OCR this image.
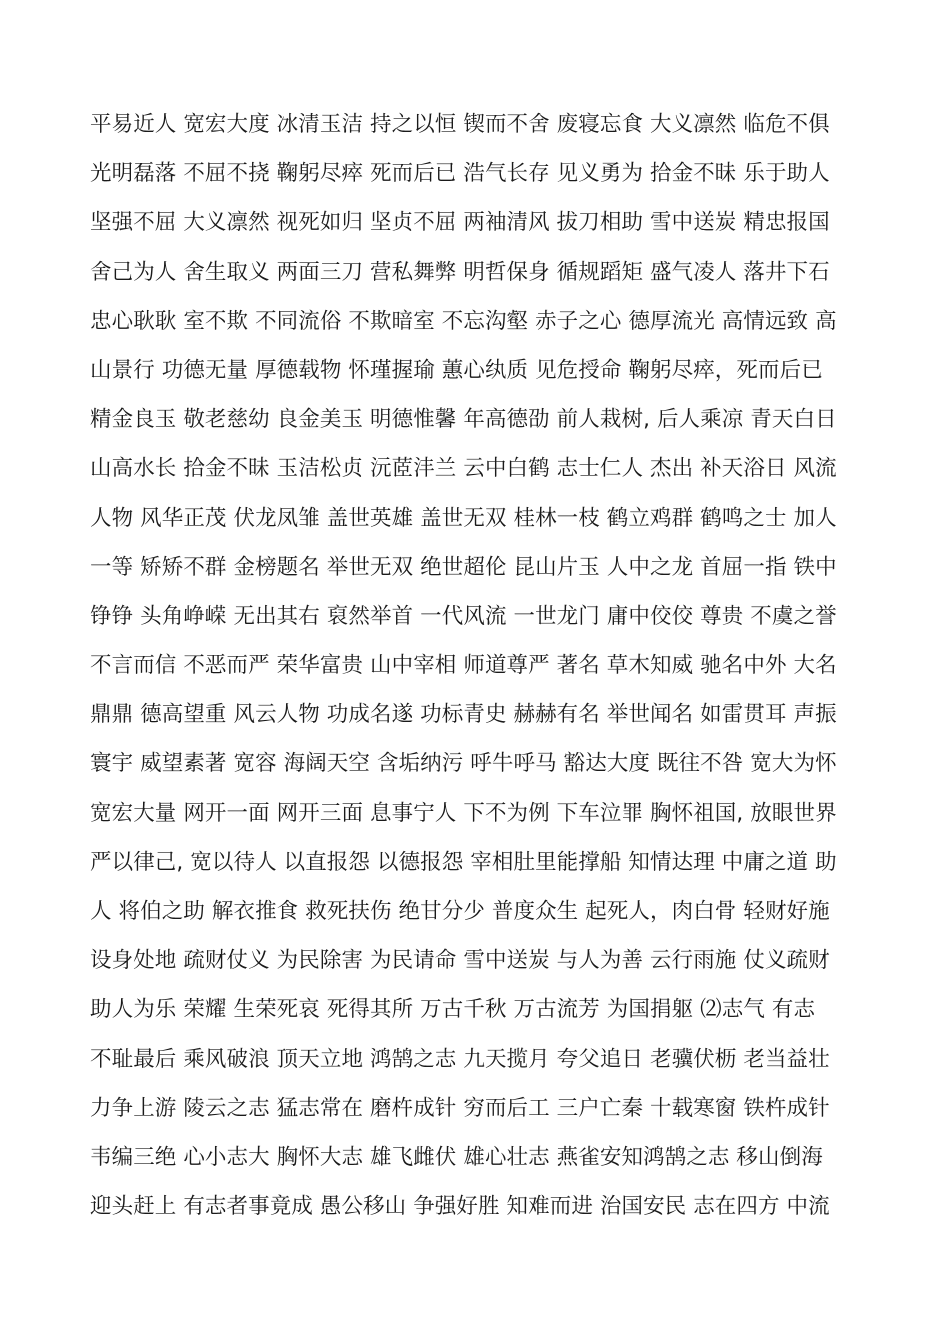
平易近人 宽宏大度 冰清玉洁 持之以恒 锲而不舍 废寝忘食 大义凛然 临危不俱
光明磊落 不屈不挠 鞠躬尽瘁 死而后已 浩气长存 见义勇为 拾金不昧 乐于助人
坚强不屈 大义凛然 视死如归 坚贞不屈 两袖清风 拔刀相助 雪中送炭 精忠报国
舍己为人 舍生取义 两面三刀 营私舞弊 明哲保身 循规蹈矩 盛气凌人 落井下石
忠心耿耿 室不欺 不同流俗 不欺暗室 不忘沟壑 赤子之心 德厚流光 高情远致 高
山景行 功德无量 厚德载物 怀瑾握瑜 蕙心纨质 见危授命 鞠躬尽瘁，死而后已
精金良玉 敬老慈幼 良金美玉 明德惟馨 年高德劭 前人栽树, 后人乘凉 青天白日
山高水长 拾金不昧 玉洁松贞 沅茝沣兰 云中白鹤 志士仁人 杰出 补天浴日 风流
人物 风华正茂 伏龙凤雏 盖世英雄 盖世无双 桂林一枝 鹤立鸡群 鹤鸣之士 加人
一等 矫矫不群 金榜题名 举世无双 绝世超伦 昆山片玉 人中之龙 首屈一指 铁中
铮铮 头角峥嵘 无出其右 裒然举首 一代风流 一世龙门 庸中佼佼 尊贵 不虞之誉
不言而信 不恶而严 荣华富贵 山中宰相 师道尊严 著名 草木知威 驰名中外 大名
鼎鼎 德高望重 风云人物 功成名遂 功标青史 赫赫有名 举世闻名 如雷贯耳 声振
寰宇 威望素著 宽容 海阔天空 含垢纳污 呼牛呼马 豁达大度 既往不咎 宽大为怀
宽宏大量 网开一面 网开三面 息事宁人 下不为例 下车泣罪 胸怀祖国, 放眼世界
严以律己, 宽以待人 以直报怨 以德报怨 宰相肚里能撑船 知情达理 中庸之道 助
人 将伯之助 解衣推食 救死扶伤 绝甘分少 普度众生 起死人，肉白骨 轻财好施
设身处地 疏财仗义 为民除害 为民请命 雪中送炭 与人为善 云行雨施 仗义疏财
助人为乐 荣耀 生荣死哀 死得其所 万古千秋 万古流芳 为国捐躯 ⑵志气 有志
不耻最后 乘风破浪 顶天立地 鸿鹄之志 九天揽月 夸父追日 老骥伏枥 老当益壮
力争上游 陵云之志 猛志常在 磨杵成针 穷而后工 三户亡秦 十载寒窗 铁杵成针
韦编三绝 心小志大 胸怀大志 雄飞雌伏 雄心壮志 燕雀安知鸿鹄之志 移山倒海
迎头赶上 有志者事竟成 愚公移山 争强好胜 知难而进 治国安民 志在四方 中流
